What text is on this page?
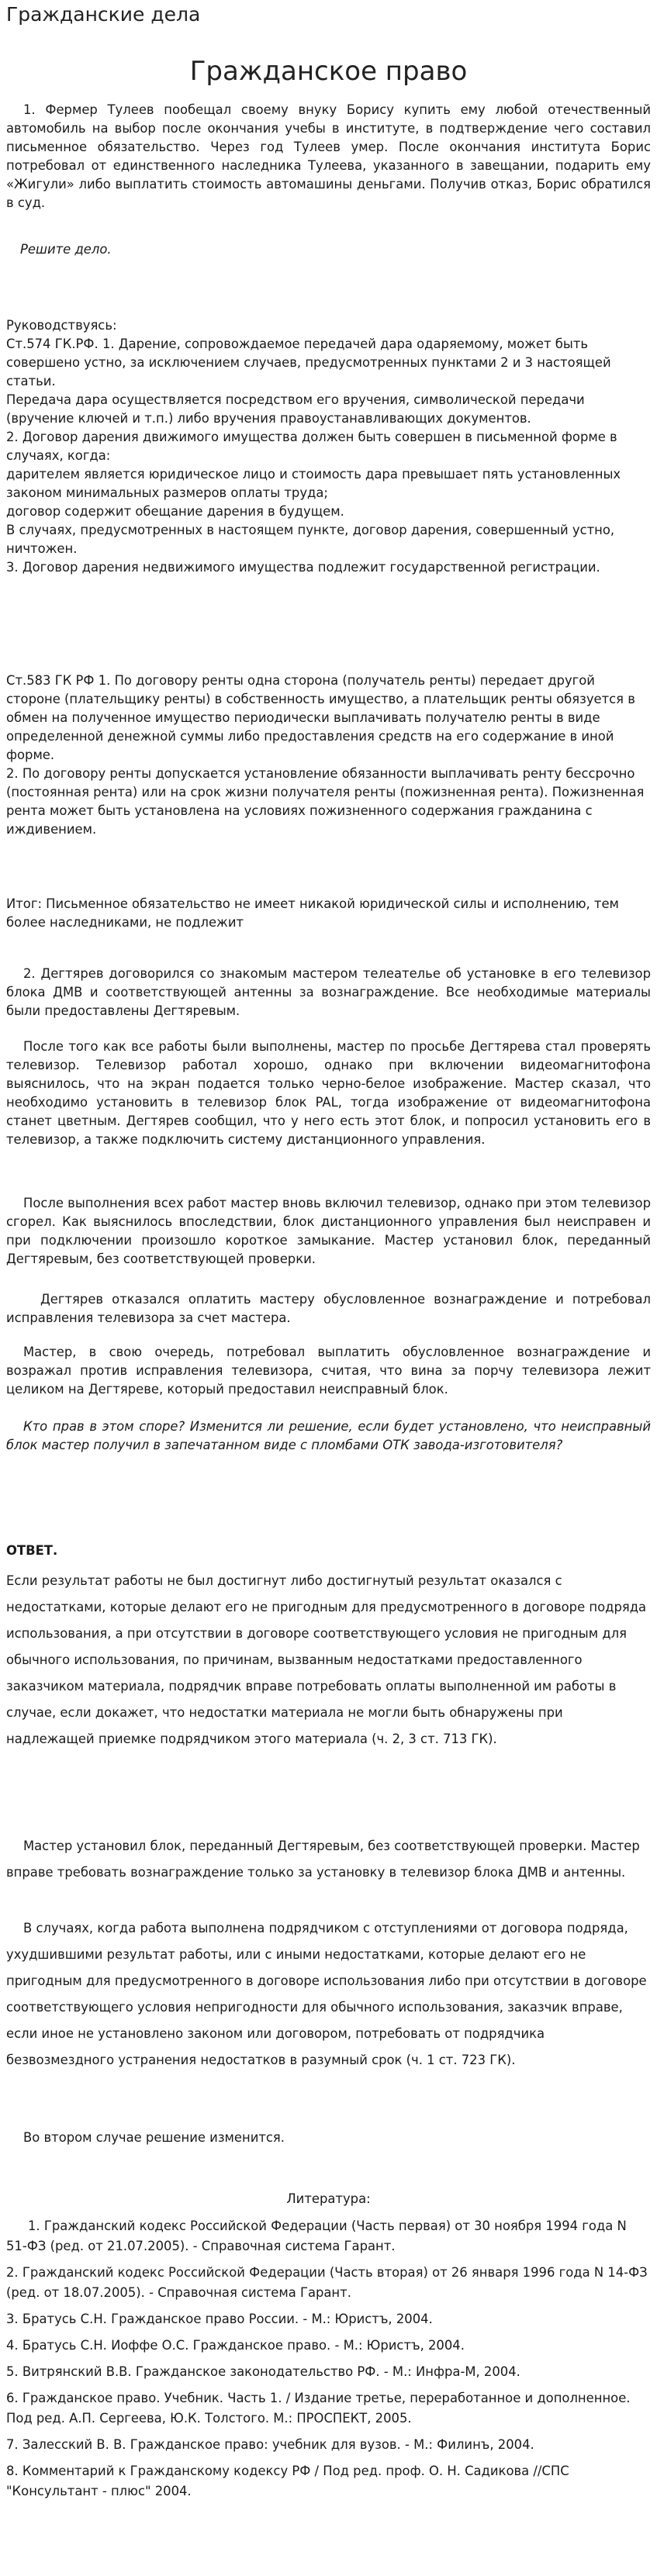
Гражданские дела
Гражданское право

1. Фермер Тулеев пообещал своему внуку Борису купить ему любой отечественный автомобиль на выбор после окончания учебы в институте, в подтверждение чего составил письменное обязательство. Через год Тулеев умер. После окончания института Борис потребовал от единственного наследника Тулеева, указанного в завещании, подарить ему «Жигули» либо выплатить стоимость автомашины деньгами. Получив отказ, Борис обратился в суд.

Решите дело.

Руководствуясь:

Ст.574 ГК.РФ. 1. Дарение, сопровождаемое передачей дара одаряемому, может быть совершено устно, за исключением случаев, предусмотренных пунктами 2 и 3 настоящей статьи.

Передача дара осуществляется посредством его вручения, символической передачи (вручение ключей и т.п.) либо вручения правоустанавливающих документов.

2. Договор дарения движимого имущества должен быть совершен в письменной форме в случаях, когда:

дарителем является юридическое лицо и стоимость дара превышает пять установленных законом минимальных размеров оплаты труда;

договор содержит обещание дарения в будущем.

В случаях, предусмотренных в настоящем пункте, договор дарения, совершенный устно, ничтожен.

3. Договор дарения недвижимого имущества подлежит государственной регистрации.

Ст.583 ГК РФ 1. По договору ренты одна сторона (получатель ренты) передает другой стороне (плательщику ренты) в собственность имущество, а плательщик ренты обязуется в обмен на полученное имущество периодически выплачивать получателю ренты в виде определенной денежной суммы либо предоставления средств на его содержание в иной форме.

2. По договору ренты допускается установление обязанности выплачивать ренту бессрочно (постоянная рента) или на срок жизни получателя ренты (пожизненная рента). Пожизненная рента может быть установлена на условиях пожизненного содержания гражданина с иждивением.

Итог: Письменное обязательство не имеет никакой юридической силы и исполнению, тем более наследниками, не подлежит

2. Дегтярев договорился со знакомым мастером телеателье об установке в его телевизор блока ДМВ и соответствующей антенны за вознаграждение. Все необходимые материалы были предоставлены Дегтяревым.

После того как все работы были выполнены, мастер по просьбе Дегтярева стал проверять телевизор. Телевизор работал хорошо, однако при включении видеомагнитофона выяснилось, что на экран подается только черно-белое изображение. Мастер сказал, что необходимо установить в телевизор блок PAL, тогда изображение от видеомагнитофона станет цветным. Дегтярев сообщил, что у него есть этот блок, и попросил установить его в телевизор, а также подключить систему дистанционного управления.

После выполнения всех работ мастер вновь включил телевизор, однако при этом телевизор сгорел. Как выяснилось впоследствии, блок дистанционного управления был неисправен и при подключении произошло короткое замыкание. Мастер установил блок, переданный Дегтяревым, без соответствующей проверки.

Дегтярев отказался оплатить мастеру обусловленное вознаграждение и потребовал исправления телевизора за счет мастера.

Мастер, в свою очередь, потребовал выплатить обусловленное вознаграждение и возражал против исправления телевизора, считая, что вина за порчу телевизора лежит целиком на Дегтяреве, который предоставил неисправный блок.

Кто прав в этом споре? Изменится ли решение, если будет установлено, что неисправный блок мастер получил в запечатанном виде с пломбами ОТК завода-изготовителя?

ОТВЕТ.

Если результат работы не был достигнут либо достигнутый результат оказался с недостатками, которые делают его не пригодным для предусмотренного в договоре подряда использования, а при отсутствии в договоре соответствующего условия не пригодным для обычного использования, по причинам, вызванным недостатками предоставленного заказчиком материала, подрядчик вправе потребовать оплаты выполненной им работы в случае, если докажет, что недостатки материала не могли быть обнаружены при надлежащей приемке подрядчиком этого материала (ч. 2, 3 ст. 713 ГК).

Мастер установил блок, переданный Дегтяревым, без соответствующей проверки. Мастер вправе требовать вознаграждение только за установку в телевизор блока ДМВ и антенны.

В случаях, когда работа выполнена подрядчиком с отступлениями от договора подряда, ухудшившими результат работы, или с иными недостатками, которые делают его не пригодным для предусмотренного в договоре использования либо при отсутствии в договоре соответствующего условия непригодности для обычного использования, заказчик вправе, если иное не установлено законом или договором, потребовать от подрядчика безвозмездного устранения недостатков в разумный срок (ч. 1 ст. 723 ГК).

Во втором случае решение изменится.

Литература:

1. Гражданский кодекс Российской Федерации (Часть первая) от 30 ноября 1994 года N 51-ФЗ (ред. от 21.07.2005). - Справочная система Гарант.

2. Гражданский кодекс Российской Федерации (Часть вторая) от 26 января 1996 года N 14-ФЗ (ред. от 18.07.2005). - Справочная система Гарант.

3. Братусь С.Н. Гражданское право России. - М.: Юристъ, 2004.

4. Братусь С.Н. Иоффе О.С. Гражданское право. - М.: Юристъ, 2004.

5. Витрянский В.В. Гражданское законодательство РФ. - М.: Инфра-М, 2004.

6. Гражданское право. Учебник. Часть 1. / Издание третье, переработанное и дополненное. Под ред. А.П. Сергеева, Ю.К. Толстого. М.: ПРОСПЕКТ, 2005.

7. Залесский В. В. Гражданское право: учебник для вузов. - М.: Филинъ, 2004.

8. Комментарий к Гражданскому кодексу РФ / Под ред. проф. О. Н. Садикова //СПС "Консультант - плюс" 2004.
